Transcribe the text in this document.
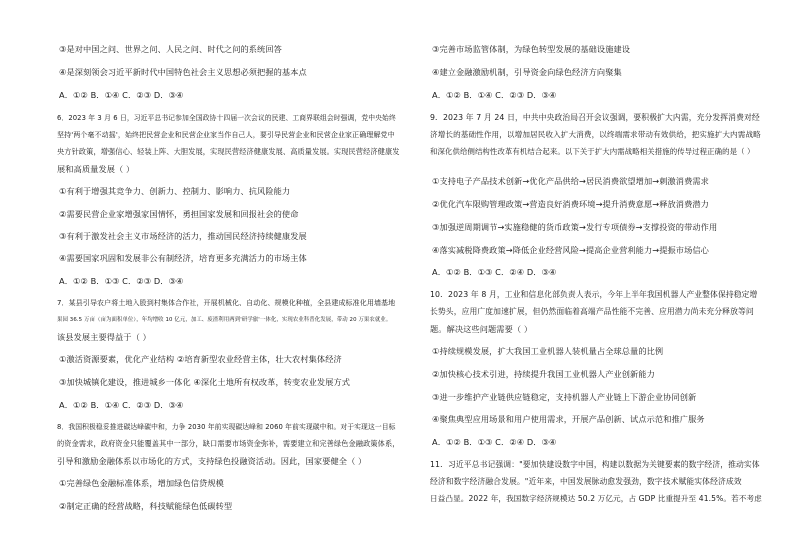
③是对中国之问、世界之问、人民之问、时代之问的系统回答
④是深刻领会习近平新时代中国特色社会主义思想必须把握的基本点
A．①② B．①④ C．②③ D．③④
6．2023 年 3 月 6 日，习近平总书记参加全国政协十四届一次会议的民建、工商界联组会时强调，党中央始终
坚持'两个毫不动摇'，始终把民营企业和民营企业家当作自己人，要引导民营企业和民营企业家正确理解党中
央方针政策，增强信心、轻装上阵、大胆发展，实现民营经济健康发展、高质量发展。实现民营经济健康发
展和高质量发展（ ）
①有利于增强其竞争力、创新力、控制力、影响力、抗风险能力
②需要民营企业家增强家国情怀，勇担国家发展和回报社会的使命
③有利于激发社会主义市场经济的活力，推动国民经济持续健康发展
④需要国家巩固和发展非公有制经济，培育更多充满活力的市场主体
A．①② B．①③ C．②③ D．③④
7．某县引导农户将土地入股到村集体合作社，开展机械化、自动化、规模化种植，全县建成标准化用墙基地
果园 36.5 万亩（亩为面积单位），年均增收 10 亿元，加工、废渣利用两到'研学旅'一体化，实现农业科普化发展，带动 20 万果农就业。
该县发展主要得益于（ ）
①激活资源要素，优化产业结构 ②培育新型农业经营主体，壮大农村集体经济
③加快城镇化建设，推进城乡一体化 ④深化土地所有权改革，转变农业发展方式
A．①② B．①④ C．②③ D．③④
8．我国积极稳妥推进碳达峰碳中和，力争 2030 年前实现碳达峰和 2060 年前实现碳中和。对于实现这一目标
的资金需求，政府资金只能覆盖其中一部分，缺口需要市场资金弥补，需要建立和完善绿色金融政策体系，
引导和激励金融体系以市场化的方式，支持绿色投融资活动。因此，国家要健全（ ）
①完善绿色金融标准体系，增加绿色信贷规模
②制定正确的经营战略，科技赋能绿色低碳转型
③完善市场监管体制，为绿色转型发展的基础设施建设
④建立金融激励机制，引导资金向绿色经济方向聚集
A．①② B．①④ C．②③ D．③④
9．2023 年 7 月 24 日，中共中央政治局召开会议强调，要积极扩大内需，充分发挥消费对经
济增长的基础性作用，以增加居民收入扩大消费，以终端需求带动有效供给，把实施扩大内需战略
和深化供给侧结构性改革有机结合起来。以下关于扩大内需战略相关措施的传导过程正确的是（ ）
①支持电子产品技术创新→优化产品供给→居民消费欲望增加→刺激消费需求
②优化汽车限购管理政策→营造良好消费环境→提升消费意愿→释放消费潜力
③加强逆周期调节→实施稳健的货币政策→发行专项债券→支撑投资的带动作用
④落实减税降费政策→降低企业经营风险→提高企业营利能力→提振市场信心
A．①② B．①③ C．②④ D．③④
10．2023 年 8 月，工业和信息化部负责人表示，今年上半年我国机器人产业整体保持稳定增
长势头，应用广度加速扩展，但仍然面临着高端产品性能不完善、应用潜力尚未充分释放等问
题。解决这些问题需要（ ）
①持续规模发展，扩大我国工业机器人装机量占全球总量的比例
②加快核心技术引进，持续提升我国工业机器人产业创新能力
③进一步维护产业链供应链稳定，支持机器人产业链上下游企业协同创新
④聚焦典型应用场景和用户使用需求，开展产品创新、试点示范和推广服务
A．①② B．①③ C．②④ D．③④
11．习近平总书记强调："要加快建设数字中国，构建以数据为关键要素的数字经济，推动实体
经济和数字经济融合发展。"近年来，中国发展脉动愈发强劲，数字技术赋能实体经济成效
日益凸显。2022 年，我国数字经济规模达 50.2 万亿元，占 GDP 比重提升至 41.5%。若不考虑
